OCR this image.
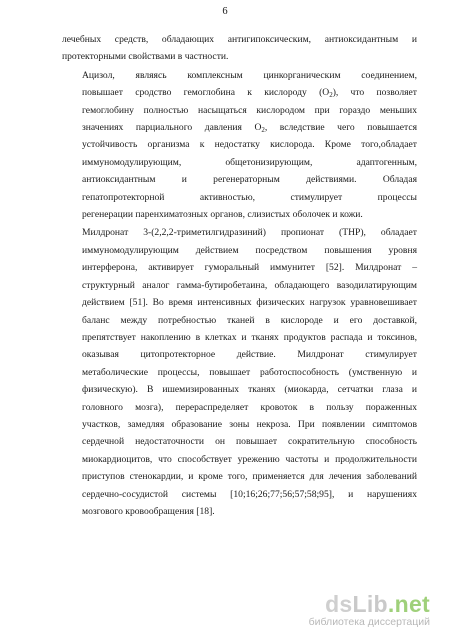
6

лечебных средств, обладающих антигипоксическим, антиоксидантным и
протекторными свойствами в частности.

Ацизол, являясь комплексным цинкорганическим соединением,
повышает сродство гемоглобина к кислороду $(О_2)$, что позволяет
гемоглобину полностью насыщаться кислородом при гораздо меньших
значениях парциального давления $О_2$, вследствие чего повышается
устойчивость организма к недостатку кислорода. Кроме того,обладает
иммуномодулирующим, общетонизирующим, адаптогенным,
антиоксидантным и регенераторным действиями. Обладая
гепатопротекторной активностью, стимулирует процессы
регенерации паренхиматозных органов, слизистых оболочек и кожи.

Милдронат 3-(2,2,2-триметилгидразиний) пропионат (ТНР), обладает
иммуномодулирующим действием посредством повышения уровня
интерферона, активирует гуморальный иммунитет [52]. Милдронат –
структурный аналог гамма-бутиробетаина, обладающего вазодилатирующим
действием [51]. Во время интенсивных физических нагрузок уравновешивает
баланс между потребностью тканей в кислороде и его доставкой,
препятствует накоплению в клетках и тканях продуктов распада и токсинов,
оказывая цитопротекторное действие. Милдронат стимулирует
метаболические процессы, повышает работоспособность (умственную и
физическую). В ишемизированных тканях (миокарда, сетчатки глаза и
головного мозга), перераспределяет кровоток в пользу пораженных
участков, замедляя образование зоны некроза. При появлении симптомов
сердечной недостаточности он повышает сократительную способность
миокардиоцитов, что способствует урежению частоты и продолжительности
приступов стенокардии, и кроме того, применяется для лечения заболеваний
сердечно-сосудистой системы [10;16;26;77;56;57;58;95], и нарушениях
мозгового кровообращения [18].

dsLib.net
библиотека диссертаций
